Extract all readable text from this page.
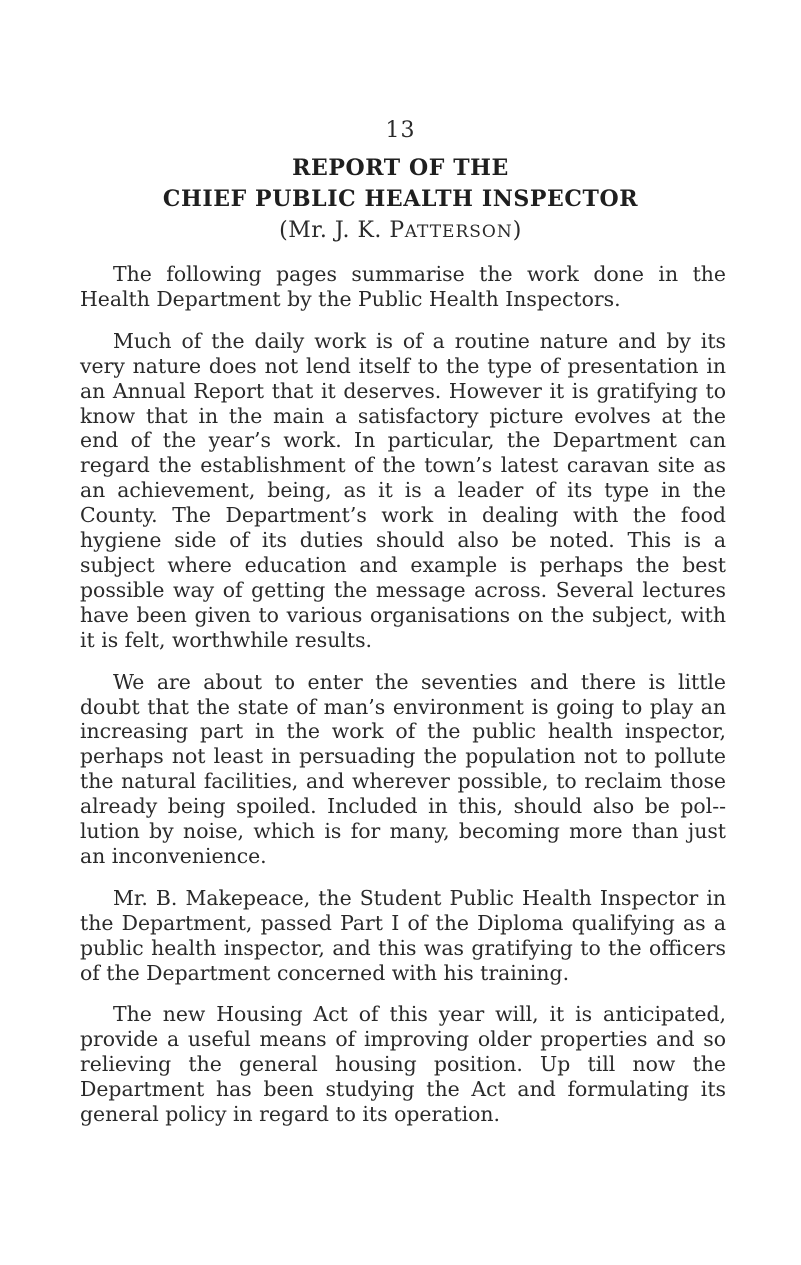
13
REPORT OF THE
CHIEF PUBLIC HEALTH INSPECTOR
(Mr. J. K. PATTERSON)

The following pages summarise the work done in the Health Department by the Public Health Inspectors.

Much of the daily work is of a routine nature and by its very nature does not lend itself to the type of presentation in an Annual Report that it deserves. However it is gratifying to know that in the main a satisfactory picture evolves at the end of the year’s work. In particular, the Department can regard the establishment of the town’s latest caravan site as an achievement, being, as it is a leader of its type in the County. The Department’s work in dealing with the food hygiene side of its duties should also be noted. This is a subject where education and example is perhaps the best possible way of getting the message across. Several lectures have been given to various organisations on the subject, with it is felt, worthwhile results.

We are about to enter the seventies and there is little doubt that the state of man’s environment is going to play an increasing part in the work of the public health inspector, perhaps not least in persuading the population not to pollute the natural facilities, and wherever possible, to reclaim those already being spoiled. Included in this, should also be pol-lution by noise, which is for many, becoming more than just an inconvenience.

Mr. B. Makepeace, the Student Public Health Inspector in the Department, passed Part I of the Diploma qualifying as a public health inspector, and this was gratifying to the officers of the Department concerned with his training.

The new Housing Act of this year will, it is anticipated, provide a useful means of improving older properties and so relieving the general housing position. Up till now the Department has been studying the Act and formulating its general policy in regard to its operation.
